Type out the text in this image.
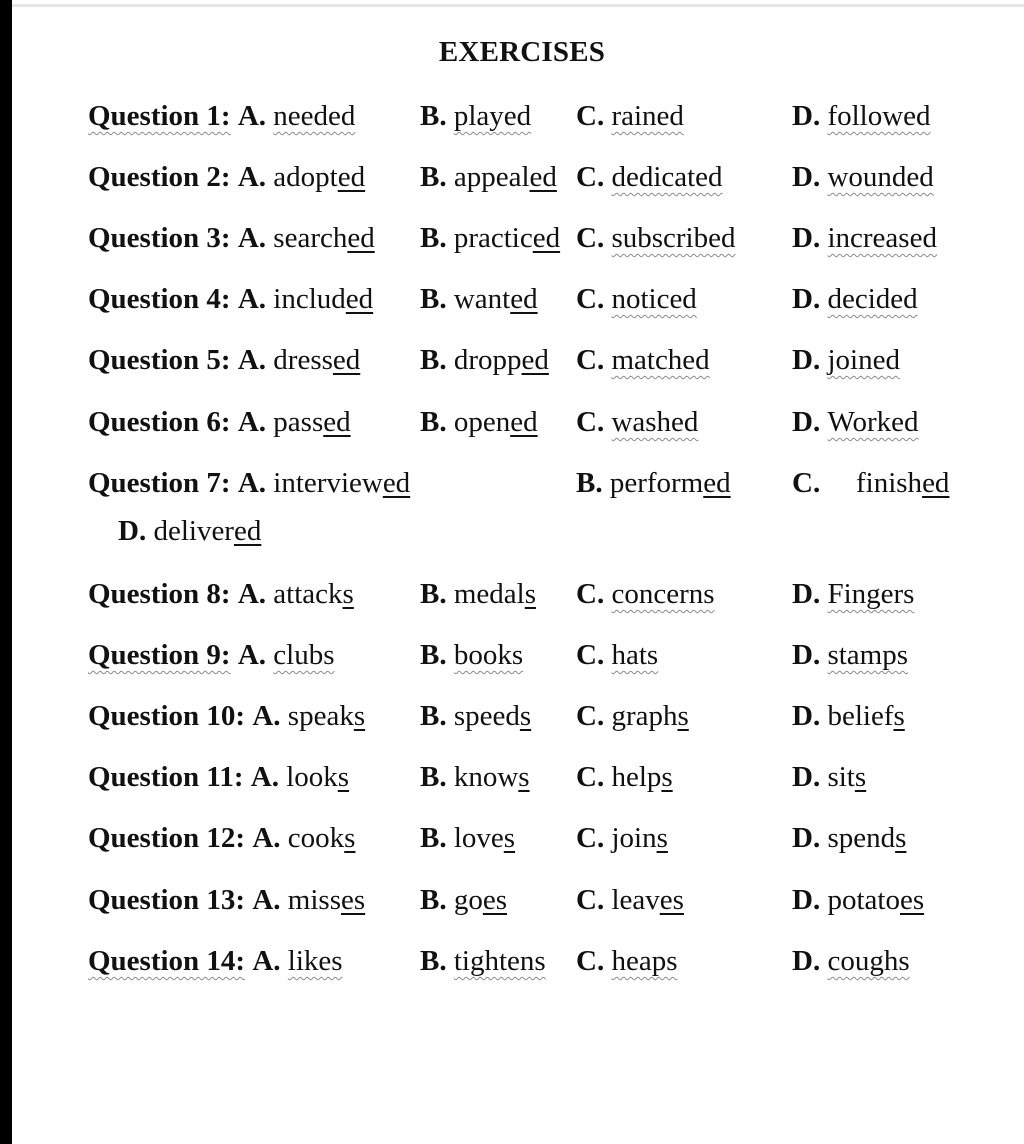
EXERCISES
Question 1: A. needed B. played C. rained	D. followed
Question 2: A. adopted B. appealed C. dedicated D. wounded
Question 3: A. searched B. practiced C. subscribed D. increased
Question 4: A. included B. wanted C. noticed	D. decided
Question 5: A. dressed B. dropped C. matched	D. joined
Question 6: A. passed B. opened C. washed	D. Worked
Question 7: A. interviewed	B. performed C. finished
D. delivered
Question 8: A. attacks B. medals C. concerns	D. Fingers
Question 9: A. clubs	B. books C. hats	D. stamps
Question 10: A. speaks B. speeds C. graphs	D. beliefs
Question 11: A. looks B. knows C. helps	D. sits
Question 12: A. cooks B. loves C. joins	D. spends
Question 13: A. misses B. goes C. leaves	D. potatoes
Question 14: A. likes	B. tightens C. heaps	D. coughs
